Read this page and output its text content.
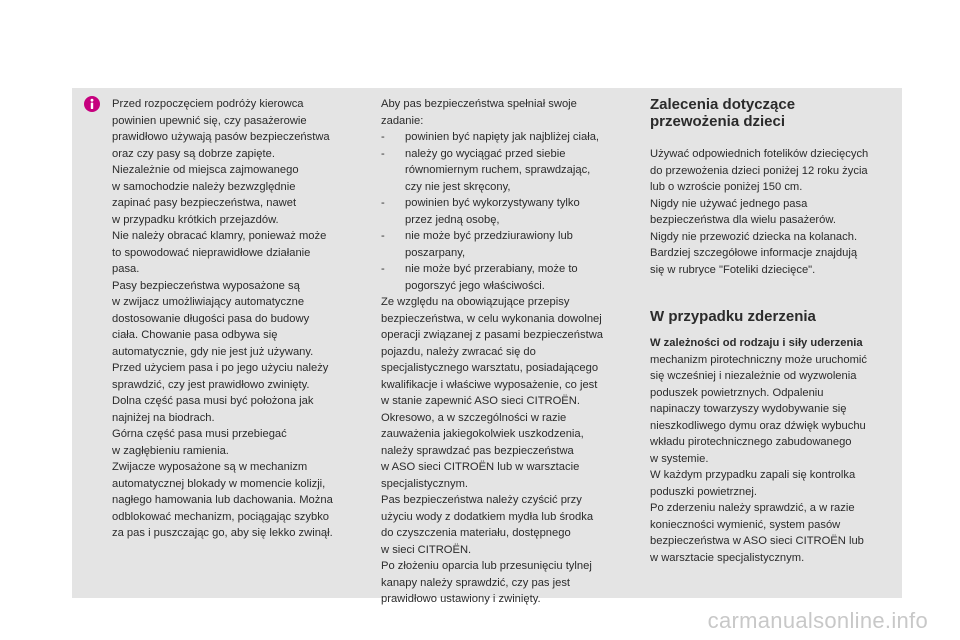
Przed rozpoczęciem podróży kierowca

powinien upewnić się, czy pasażerowie

prawidłowo używają pasów bezpieczeństwa

oraz czy pasy są dobrze zapięte.

Niezależnie od miejsca zajmowanego

w samochodzie należy bezwzględnie

zapinać pasy bezpieczeństwa, nawet

w przypadku krótkich przejazdów.

Nie należy obracać klamry, ponieważ może

to spowodować nieprawidłowe działanie

pasa.

Pasy bezpieczeństwa wyposażone są

w zwijacz umożliwiający automatyczne

dostosowanie długości pasa do budowy

ciała. Chowanie pasa odbywa się

automatycznie, gdy nie jest już używany.

Przed użyciem pasa i po jego użyciu należy

sprawdzić, czy jest prawidłowo zwinięty.

Dolna część pasa musi być położona jak

najniżej na biodrach.

Górna część pasa musi przebiegać

w zagłębieniu ramienia.

Zwijacze wyposażone są w mechanizm

automatycznej blokady w momencie kolizji,

nagłego hamowania lub dachowania. Można

odblokować mechanizm, pociągając szybko

za pas i puszczając go, aby się lekko zwinął.

Aby pas bezpieczeństwa spełniał swoje

zadanie:

-	powinien być napięty jak najbliżej ciała,

-	należy go wyciągać przed siebie

równomiernym ruchem, sprawdzając,

czy nie jest skręcony,

-	powinien być wykorzystywany tylko

przez jedną osobę,

-	nie może być przedziurawiony lub

poszarpany,

-	nie może być przerabiany, może to

pogorszyć jego właściwości.

Ze względu na obowiązujące przepisy

bezpieczeństwa, w celu wykonania dowolnej

operacji związanej z pasami bezpieczeństwa

pojazdu, należy zwracać się do

specjalistycznego warsztatu, posiadającego

kwalifikacje i właściwe wyposażenie, co jest

w stanie zapewnić ASO sieci CITROËN.

Okresowo, a w szczególności w razie

zauważenia jakiegokolwiek uszkodzenia,

należy sprawdzać pas bezpieczeństwa

w ASO sieci CITROËN lub w warsztacie

specjalistycznym.

Pas bezpieczeństwa należy czyścić przy

użyciu wody z dodatkiem mydła lub środka

do czyszczenia materiału, dostępnego

w sieci CITROËN.

Po złożeniu oparcia lub przesunięciu tylnej

kanapy należy sprawdzić, czy pas jest

prawidłowo ustawiony i zwinięty.

Zalecenia dotyczące

przewożenia dzieci

Używać odpowiednich fotelików dziecięcych

do przewożenia dzieci poniżej 12 roku życia

lub o wzroście poniżej 150 cm.

Nigdy nie używać jednego pasa

bezpieczeństwa dla wielu pasażerów.

Nigdy nie przewozić dziecka na kolanach.

Bardziej szczegółowe informacje znajdują

się w rubryce "Foteliki dziecięce".

W przypadku zderzenia

W zależności od rodzaju i siły uderzenia

mechanizm pirotechniczny może uruchomić

się wcześniej i niezależnie od wyzwolenia

poduszek powietrznych. Odpaleniu

napinaczy towarzyszy wydobywanie się

nieszkodliwego dymu oraz dźwięk wybuchu

wkładu pirotechnicznego zabudowanego

w systemie.

W każdym przypadku zapali się kontrolka

poduszki powietrznej.

Po zderzeniu należy sprawdzić, a w razie

konieczności wymienić, system pasów

bezpieczeństwa w ASO sieci CITROËN lub

w warsztacie specjalistycznym.

carmanualsonline.info
